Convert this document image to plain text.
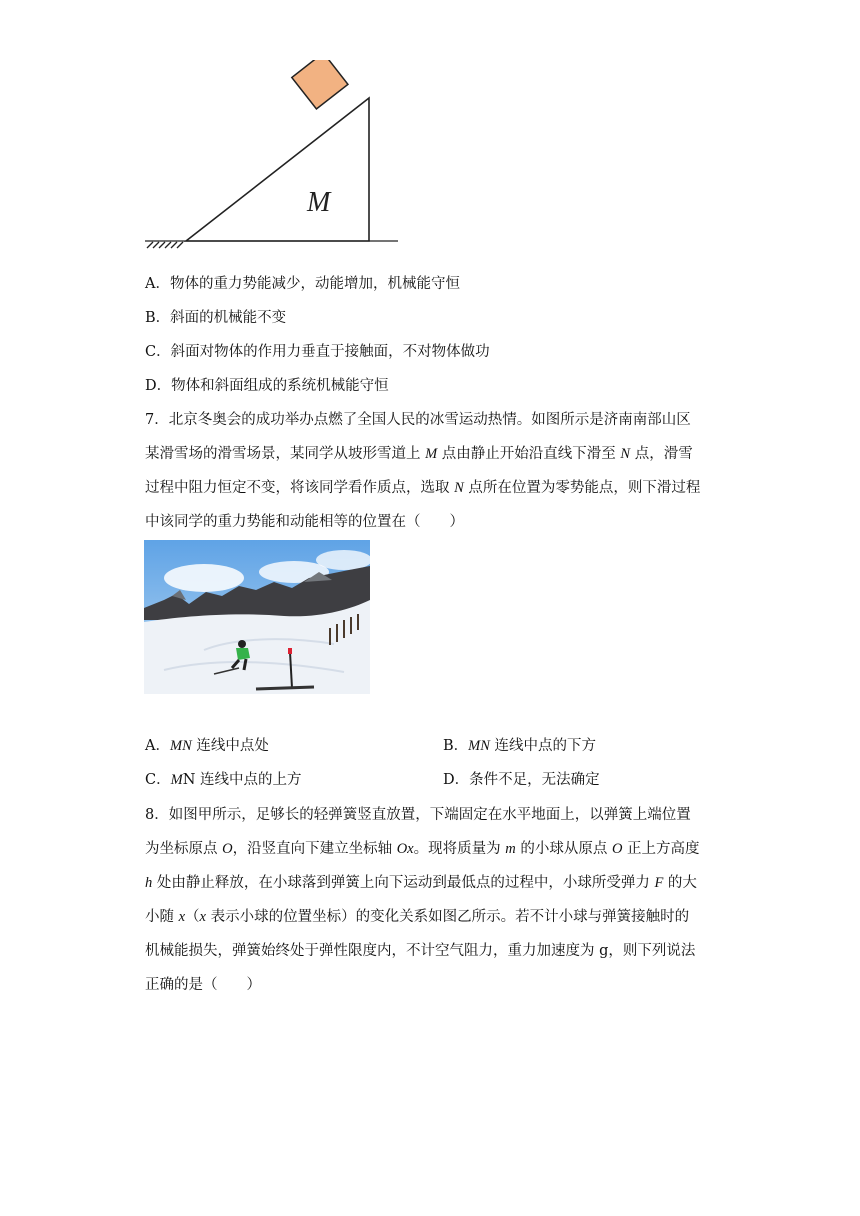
M
A．物体的重力势能减少，动能增加，机械能守恒
B．斜面的机械能不变
C．斜面对物体的作用力垂直于接触面，不对物体做功
D．物体和斜面组成的系统机械能守恒
7．北京冬奥会的成功举办点燃了全国人民的冰雪运动热情。如图所示是济南南部山区
某滑雪场的滑雪场景，某同学从坡形雪道上 M 点由静止开始沿直线下滑至 N 点，滑雪
过程中阻力恒定不变，将该同学看作质点，选取 N 点所在位置为零势能点，则下滑过程
中该同学的重力势能和动能相等的位置在（　　）
A．MN 连线中点处	B．MN 连线中点的下方
C．MN 连线中点的上方	D．条件不足，无法确定
8．如图甲所示，足够长的轻弹簧竖直放置，下端固定在水平地面上，以弹簧上端位置
为坐标原点 O，沿竖直向下建立坐标轴 Ox。现将质量为 m 的小球从原点 O 正上方高度
h 处由静止释放，在小球落到弹簧上向下运动到最低点的过程中，小球所受弹力 F 的大
小随 x（x 表示小球的位置坐标）的变化关系如图乙所示。若不计小球与弹簧接触时的
机械能损失，弹簧始终处于弹性限度内，不计空气阻力，重力加速度为 g，则下列说法
正确的是（　　）
